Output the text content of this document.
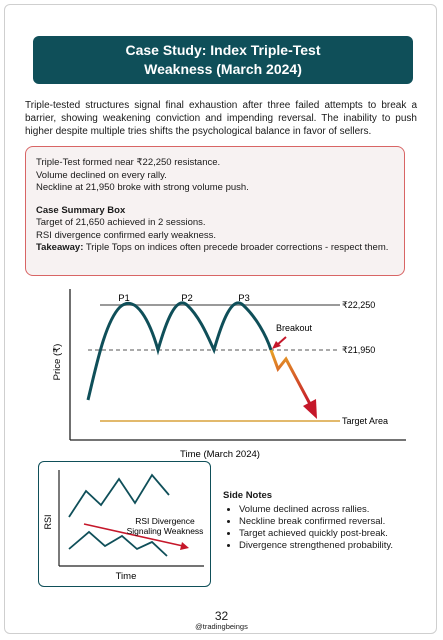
Case Study: Index Triple-Test
Weakness (March 2024)
Triple-tested structures signal final exhaustion after three failed attempts to break a barrier, showing weakening conviction and impending reversal. The inability to push higher despite multiple tries shifts the psychological balance in favor of sellers.
Triple-Test formed near ₹22,250 resistance.
Volume declined on every rally.
Neckline at 21,950 broke with strong volume push.
Case Summary Box
Target of 21,650 achieved in 2 sessions.
RSI divergence confirmed early weakness.
Takeaway: Triple Tops on indices often precede broader corrections - respect them.
P1	P2	P3
Breakout
₹22,250
₹21,950
Target Area
Time (March 2024)
Price (₹)
RSI Divergence
Signaling Weakness
Time
RSI
Side Notes
• Volume declined across rallies.
• Neckline break confirmed reversal.
• Target achieved quickly post-break.
• Divergence strengthened probability.
32
@tradingbeings
